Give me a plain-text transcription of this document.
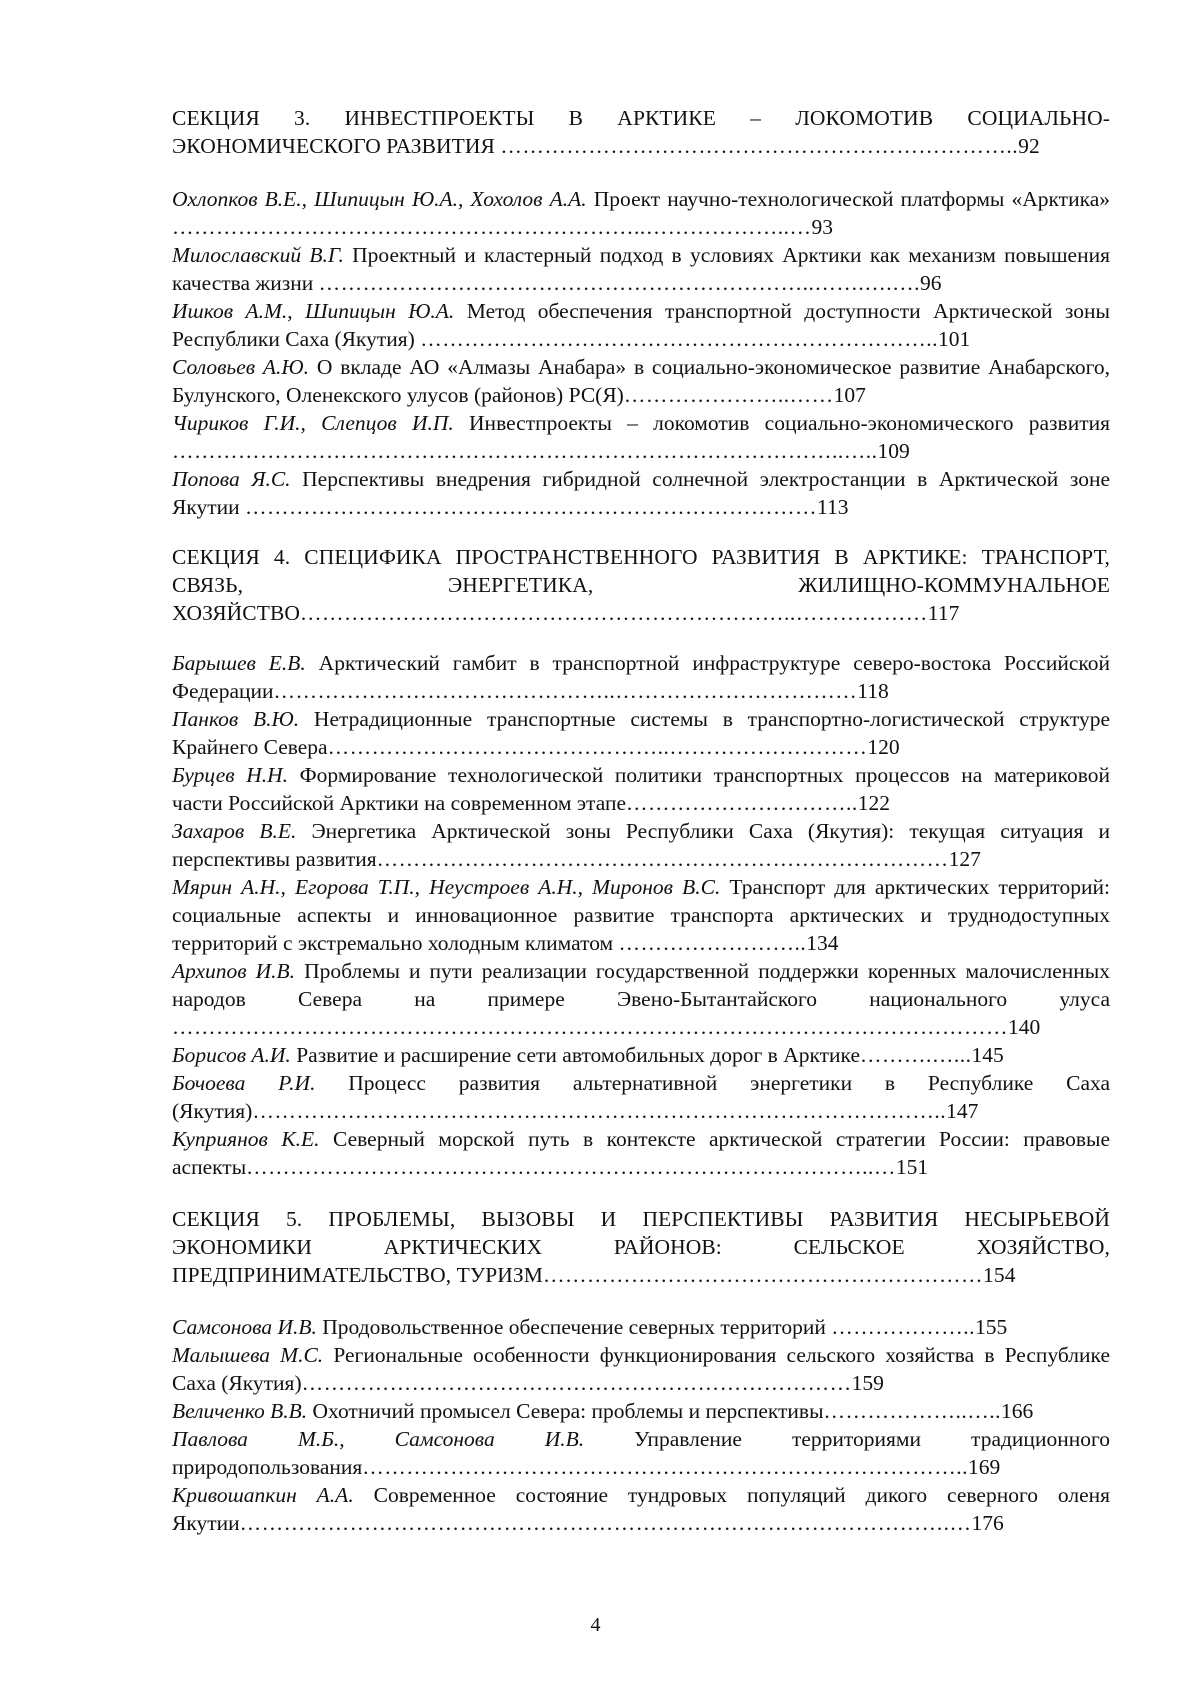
СЕКЦИЯ 3. ИНВЕСТПРОЕКТЫ В АРКТИКЕ – ЛОКОМОТИВ СОЦИАЛЬНО-ЭКОНОМИЧЕСКОГО РАЗВИТИЯ ……………………………………………………………..92

Охлопков В.Е., Шипицын Ю.А., Хохолов А.А. Проект научно-технологической платформы «Арктика» ………………………………………………………..………………..…93

Милославский В.Г. Проектный и кластерный подход в условиях Арктики как механизм повышения качества жизни …………………………………………………………..…….….….96

Ишков А.М., Шипицын Ю.А. Метод обеспечения транспортной доступности Арктической зоны Республики Саха (Якутия) ……………………………………………………………..101

Соловьев А.Ю. О вкладе АО «Алмазы Анабара» в социально-экономическое развитие Анабарского, Булунского, Оленекского улусов (районов) РС(Я)…………………..……107

Чириков Г.И., Слепцов И.П. Инвестпроекты – локомотив социально-экономического развития ………………………………………………………………………………..…..109

Попова Я.С. Перспективы внедрения гибридной солнечной электростанции в Арктической зоне Якутии ……………………………………………………………………113

СЕКЦИЯ 4. СПЕЦИФИКА ПРОСТРАНСТВЕННОГО РАЗВИТИЯ В АРКТИКЕ: ТРАНСПОРТ, СВЯЗЬ, ЭНЕРГЕТИКА, ЖИЛИЩНО-КОММУНАЛЬНОЕ ХОЗЯЙСТВО…………………………………………………………..………………117

Барышев Е.В. Арктический гамбит в транспортной инфраструктуре северо-востока Российской Федерации………………………………………..……………………………118

Панков В.Ю. Нетрадиционные транспортные системы в транспортно-логистической структуре Крайнего Севера………………………………………..………………………120

Бурцев Н.Н. Формирование технологической политики транспортных процессов на материковой части Российской Арктики на современном этапе…………………………..122

Захаров В.Е. Энергетика Арктической зоны Республики Саха (Якутия): текущая ситуация и перспективы развития……………………………………………………………………127

Мярин А.Н., Егорова Т.П., Неустроев А.Н., Миронов В.С. Транспорт для арктических территорий: социальные аспекты и инновационное развитие транспорта арктических и труднодоступных территорий с экстремально холодным климатом ……………………..134

Архипов И.В. Проблемы и пути реализации государственной поддержки коренных малочисленных народов Севера на примере Эвено-Бытантайского национального улуса ……………………………………………………………………………………………………140

Борисов А.И. Развитие и расширение сети автомобильных дорог в Арктике……….…...145

Бочоева Р.И. Процесс развития альтернативной энергетики в Республике Саха (Якутия)…………………………………………………………………………………..147

Куприянов К.Е. Северный морской путь в контексте арктической стратегии России: правовые аспекты…………………………………………………………………………..…151

СЕКЦИЯ 5. ПРОБЛЕМЫ, ВЫЗОВЫ И ПЕРСПЕКТИВЫ РАЗВИТИЯ НЕСЫРЬЕВОЙ ЭКОНОМИКИ АРКТИЧЕСКИХ РАЙОНОВ: СЕЛЬСКОЕ ХОЗЯЙСТВО, ПРЕДПРИНИМАТЕЛЬСТВО, ТУРИЗМ……………………………………………………154

Самсонова И.В. Продовольственное обеспечение северных территорий ………………..155

Малышева М.С. Региональные особенности функционирования сельского хозяйства в Республике Саха (Якутия)…………………………………………………………………159

Величенко В.В. Охотничий промысел Севера: проблемы и перспективы………………..…..166

Павлова М.Б., Самсонова И.В. Управление территориями традиционного природопользования………………………………………………………………………..169

Кривошапкин А.А. Современное состояние тундровых популяций дикого северного оленя Якутии…………………………………………………………………………………….…176

4
